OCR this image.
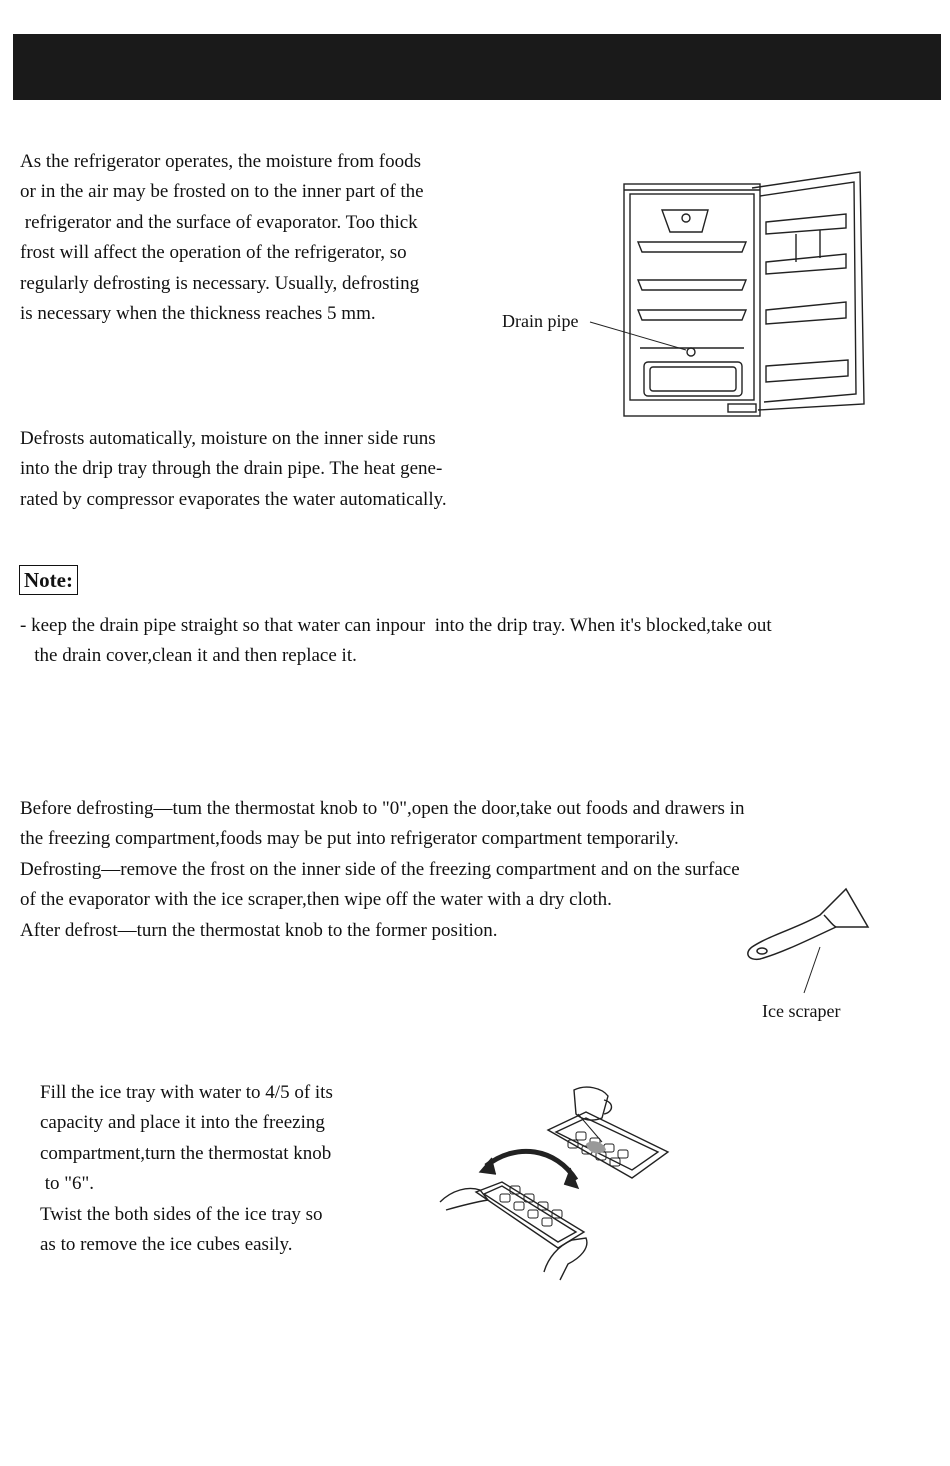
As the refrigerator operates, the moisture from foods
or in the air may be frosted on to the inner part of the
refrigerator and the surface of evaporator. Too thick
frost will affect the operation of the refrigerator, so
regularly defrosting is necessary. Usually, defrosting
is necessary when the thickness reaches 5 mm.	Drain pipe

Defrosts automatically, moisture on the inner side runs
into the drip tray through the drain pipe. The heat gene-
rated by compressor evaporates the water automatically.

Note:

- keep the drain pipe straight so that water can inpour  into the drip tray. When it's blocked,take out
the drain cover,clean it and then replace it.

Before defrosting—tum the thermostat knob to "0",open the door,take out foods and drawers in
the freezing compartment,foods may be put into refrigerator compartment temporarily.
Defrosting—remove the frost on the inner side of the freezing compartment and on the surface
of the evaporator with the ice scraper,then wipe off the water with a dry cloth.
After defrost—turn the thermostat knob to the former position.

Ice scraper

Fill the ice tray with water to 4/5 of its
capacity and place it into the freezing
compartment,turn the thermostat knob
to "6".
Twist the both sides of the ice tray so
as to remove the ice cubes easily.
